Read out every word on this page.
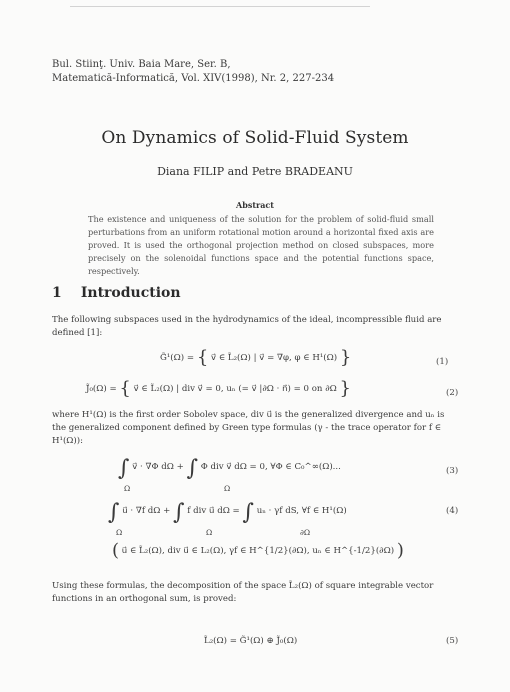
Bul. Stiinţ. Univ. Baia Mare, Ser. B,
Matematică-Informatică, Vol. XIV(1998), Nr. 2, 227-234
On Dynamics of Solid-Fluid System
Diana FILIP and Petre BRADEANU
Abstract
The existence and uniqueness of the solution for the problem of solid-fluid small perturbations from an uniform rotational motion around a horizontal fixed axis are proved. It is used the orthogonal projection method on closed subspaces, more precisely on the solenoidal functions space and the potential functions space, respectively.
1 Introduction
The following subspaces used in the hydrodynamics of the ideal, incompressible fluid are defined [1]:
G̃¹(Ω) = { v⃗ ∈ L̃₂(Ω) | v⃗ = ∇φ, φ ∈ H¹(Ω) }	(1)
J̃₀(Ω) = { v⃗ ∈ L̃₂(Ω) | div v⃗ = 0, uₙ (= v⃗ |∂Ω · n⃗) = 0 on ∂Ω }	(2)
where H¹(Ω) is the first order Sobolev space, div u⃗ is the generalized divergence and uₙ is the generalized component defined by Green type formulas (γ - the trace operator for f ∈ H¹(Ω)):
∫ v⃗ · ∇Φ dΩ + ∫ Φ div v⃗ dΩ = 0, ∀Φ ∈ C₀^∞(Ω)...
Ω	Ω
(3)
∫ u⃗ · ∇f dΩ + ∫ f div u⃗ dΩ = ∫ uₙ · γf dS, ∀f ∈ H¹(Ω)
Ω	Ω	∂Ω
(4)
( u⃗ ∈ L̃₂(Ω), div u⃗ ∈ L₂(Ω), γf ∈ H^{1/2}(∂Ω), uₙ ∈ H^{-1/2}(∂Ω) )
Using these formulas, the decomposition of the space L̃₂(Ω) of square integrable vector functions in an orthogonal sum, is proved:
L̃₂(Ω) = G̃¹(Ω) ⊕ J̃₀(Ω)	(5)
